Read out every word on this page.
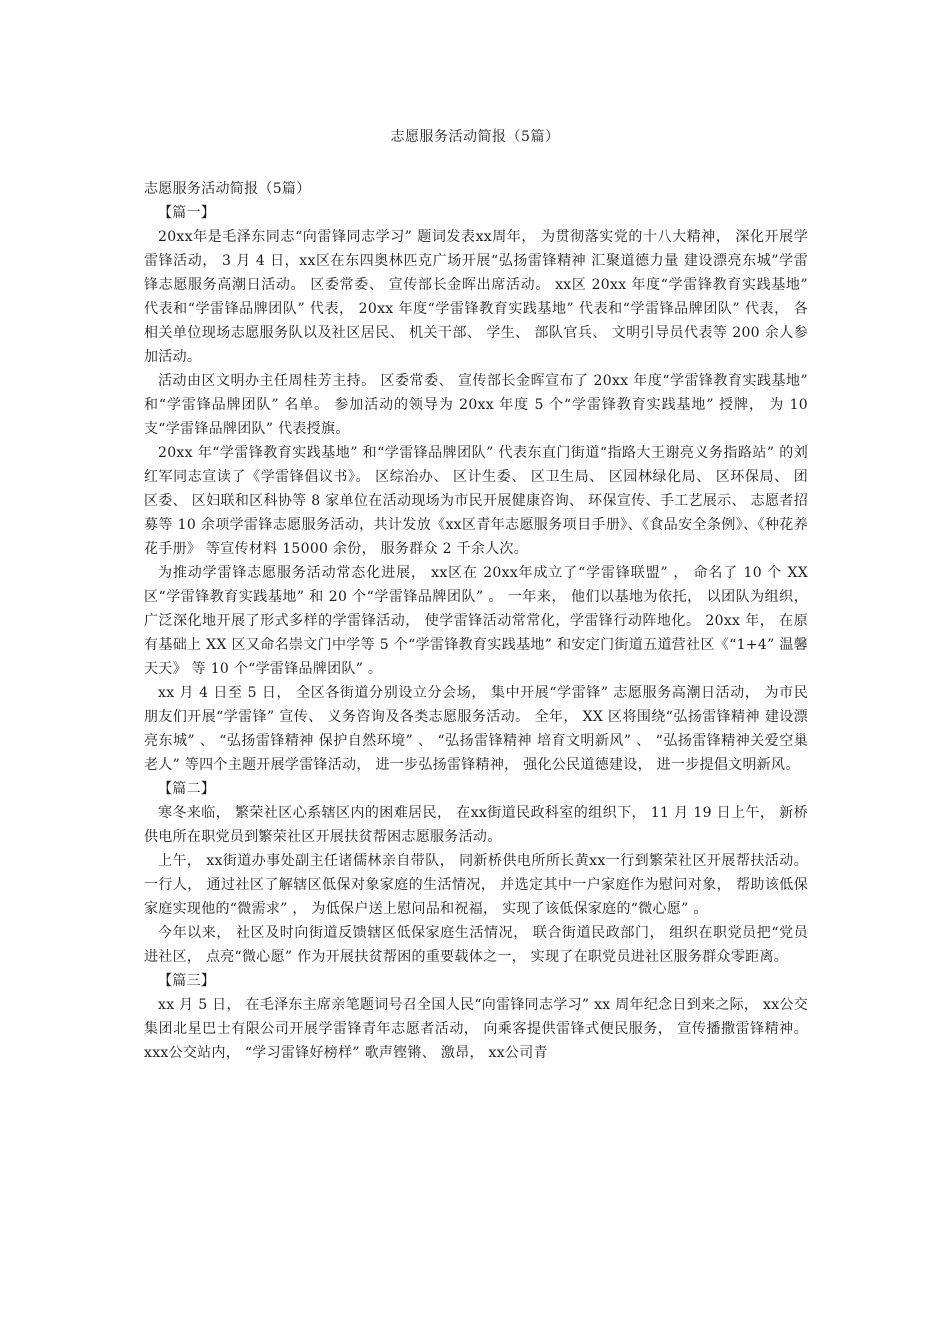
志愿服务活动简报（5篇）

志愿服务活动简报（5篇）

【篇一】

20xx年是毛泽东同志“向雷锋同志学习” 题词发表xx周年， 为贯彻落实党的十八大精神， 深化开展学雷锋活动， 3 月 4 日，xx区在东四奥林匹克广场开展“弘扬雷锋精神 汇聚道德力量 建设漂亮东城”学雷锋志愿服务高潮日活动。 区委常委、 宣传部长金晖出席活动。 xx区 20xx 年度“学雷锋教育实践基地” 代表和“学雷锋品牌团队” 代表， 20xx 年度“学雷锋教育实践基地” 代表和“学雷锋品牌团队” 代表， 各相关单位现场志愿服务队以及社区居民、 机关干部、 学生、 部队官兵、 文明引导员代表等 200 余人参加活动。

活动由区文明办主任周桂芳主持。 区委常委、 宣传部长金晖宣布了 20xx 年度“学雷锋教育实践基地” 和“学雷锋品牌团队” 名单。 参加活动的领导为 20xx 年度 5 个“学雷锋教育实践基地” 授牌， 为 10 支“学雷锋品牌团队” 代表授旗。

20xx 年“学雷锋教育实践基地” 和“学雷锋品牌团队” 代表东直门街道“指路大王谢亮义务指路站” 的刘红军同志宣读了《学雷锋倡议书》。 区综治办、 区计生委、 区卫生局、 区园林绿化局、 区环保局、 团区委、 区妇联和区科协等 8 家单位在活动现场为市民开展健康咨询、 环保宣传、手工艺展示、 志愿者招募等 10 余项学雷锋志愿服务活动，共计发放《xx区青年志愿服务项目手册》、《食品安全条例》、《种花养花手册》 等宣传材料 15000 余份， 服务群众 2 千余人次。

为推动学雷锋志愿服务活动常态化进展， xx区在 20xx年成立了“学雷锋联盟” ， 命名了 10 个 XX 区“学雷锋教育实践基地” 和 20 个“学雷锋品牌团队” 。 一年来， 他们以基地为依托， 以团队为组织， 广泛深化地开展了形式多样的学雷锋活动， 使学雷锋活动常常化，学雷锋行动阵地化。 20xx 年， 在原有基础上 XX 区又命名崇文门中学等 5 个“学雷锋教育实践基地” 和安定门街道五道营社区《“1+4” 温馨天天》 等 10 个“学雷锋品牌团队” 。

xx 月 4 日至 5 日， 全区各街道分别设立分会场， 集中开展“学雷锋” 志愿服务高潮日活动， 为市民朋友们开展“学雷锋” 宣传、 义务咨询及各类志愿服务活动。 全年， XX 区将围绕“弘扬雷锋精神 建设漂亮东城” 、 “弘扬雷锋精神 保护自然环境” 、 “弘扬雷锋精神 培育文明新风” 、 “弘扬雷锋精神关爱空巢老人” 等四个主题开展学雷锋活动， 进一步弘扬雷锋精神， 强化公民道德建设， 进一步提倡文明新风。

【篇二】

寒冬来临， 繁荣社区心系辖区内的困难居民， 在xx街道民政科室的组织下， 11 月 19 日上午， 新桥供电所在职党员到繁荣社区开展扶贫帮困志愿服务活动。

上午， xx街道办事处副主任诸儒林亲自带队， 同新桥供电所所长黄xx一行到繁荣社区开展帮扶活动。 一行人， 通过社区了解辖区低保对象家庭的生活情况， 并选定其中一户家庭作为慰问对象， 帮助该低保家庭实现他的“微需求” ， 为低保户送上慰问品和祝福， 实现了该低保家庭的“微心愿” 。

今年以来， 社区及时向街道反馈辖区低保家庭生活情况， 联合街道民政部门， 组织在职党员把“党员进社区， 点亮“微心愿” 作为开展扶贫帮困的重要载体之一， 实现了在职党员进社区服务群众零距离。

【篇三】

xx 月 5 日， 在毛泽东主席亲笔题词号召全国人民“向雷锋同志学习” xx 周年纪念日到来之际， xx公交集团北星巴士有限公司开展学雷锋青年志愿者活动， 向乘客提供雷锋式便民服务， 宣传播撒雷锋精神。xxx公交站内， “学习雷锋好榜样” 歌声铿锵、 激昂， xx公司青
